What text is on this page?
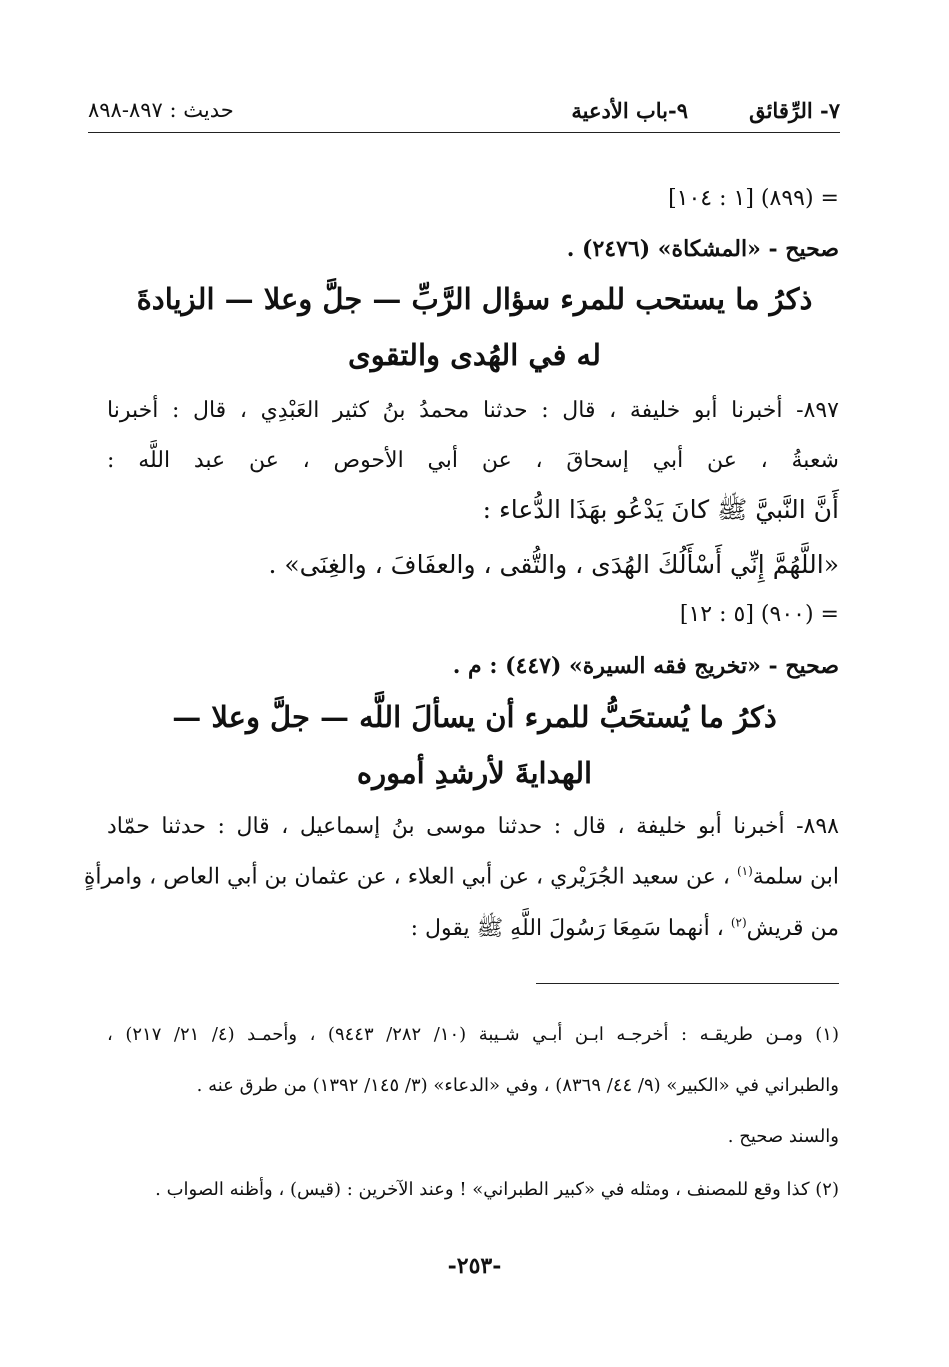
٧- الرِّقائق
٩-باب الأدعية
حديث : ٨٩٧-٨٩٨
= (٨٩٩) [١ : ١٠٤]
صحيح - «المشكاة» (٢٤٧٦) .
ذكرُ ما يستحب للمرء سؤال الرَّبِّ — جلَّ وعلا — الزيادةَ
له في الهُدى والتقوى
٨٩٧- أخبرنا أبو خليفة ، قال : حدثنا محمدُ بنُ كثير العَبْدِي ، قال : أخبرنا
شعبةُ ، عن أبي إسحاقَ ، عن أبي الأحوص ، عن عبد اللَّه :
أَنَّ النَّبيَّ ﷺ كانَ يَدْعُو بهَذَا الدُّعاء :
«اللَّهُمَّ إِنِّي أَسْأَلُكَ الهُدَى ، والتُّقى ، والعفَافَ ، والغِنَى» .
= (٩٠٠) [٥ : ١٢]
صحيح - «تخريج فقه السيرة» (٤٤٧) : م .
ذكرُ ما يُستحَبُّ للمرء أن يسألَ اللَّه — جلَّ وعلا —
الهدايةَ لأرشدِ أموره
٨٩٨- أخبرنا أبو خليفة ، قال : حدثنا موسى بنُ إسماعيل ، قال : حدثنا حمّاد
ابن سلمة$^{(١)}$ ، عن سعيد الجُرَيْري ، عن أبي العلاء ، عن عثمان بن أبي العاص ، وامرأةٍ
من قريش$^{(٢)}$ ، أنهما سَمِعَا رَسُولَ اللَّهِ ﷺ يقول :
(١) ومـن طريقـه : أخرجـه ابـن أبـي شـيبة (١٠/ ٢٨٢/ ٩٤٤٣) ، وأحمـد (٤/ ٢١/ ٢١٧) ،
والطبراني في «الكبير» (٩/ ٤٤/ ٨٣٦٩) ، وفي «الدعاء» (٣/ ١٤٥/ ١٣٩٢) من طرق عنه .
والسند صحيح .
(٢) كذا وقع للمصنف ، ومثله في «كبير الطبراني» ! وعند الآخرين : (قيس) ، وأظنه الصواب .
-٢٥٣-
